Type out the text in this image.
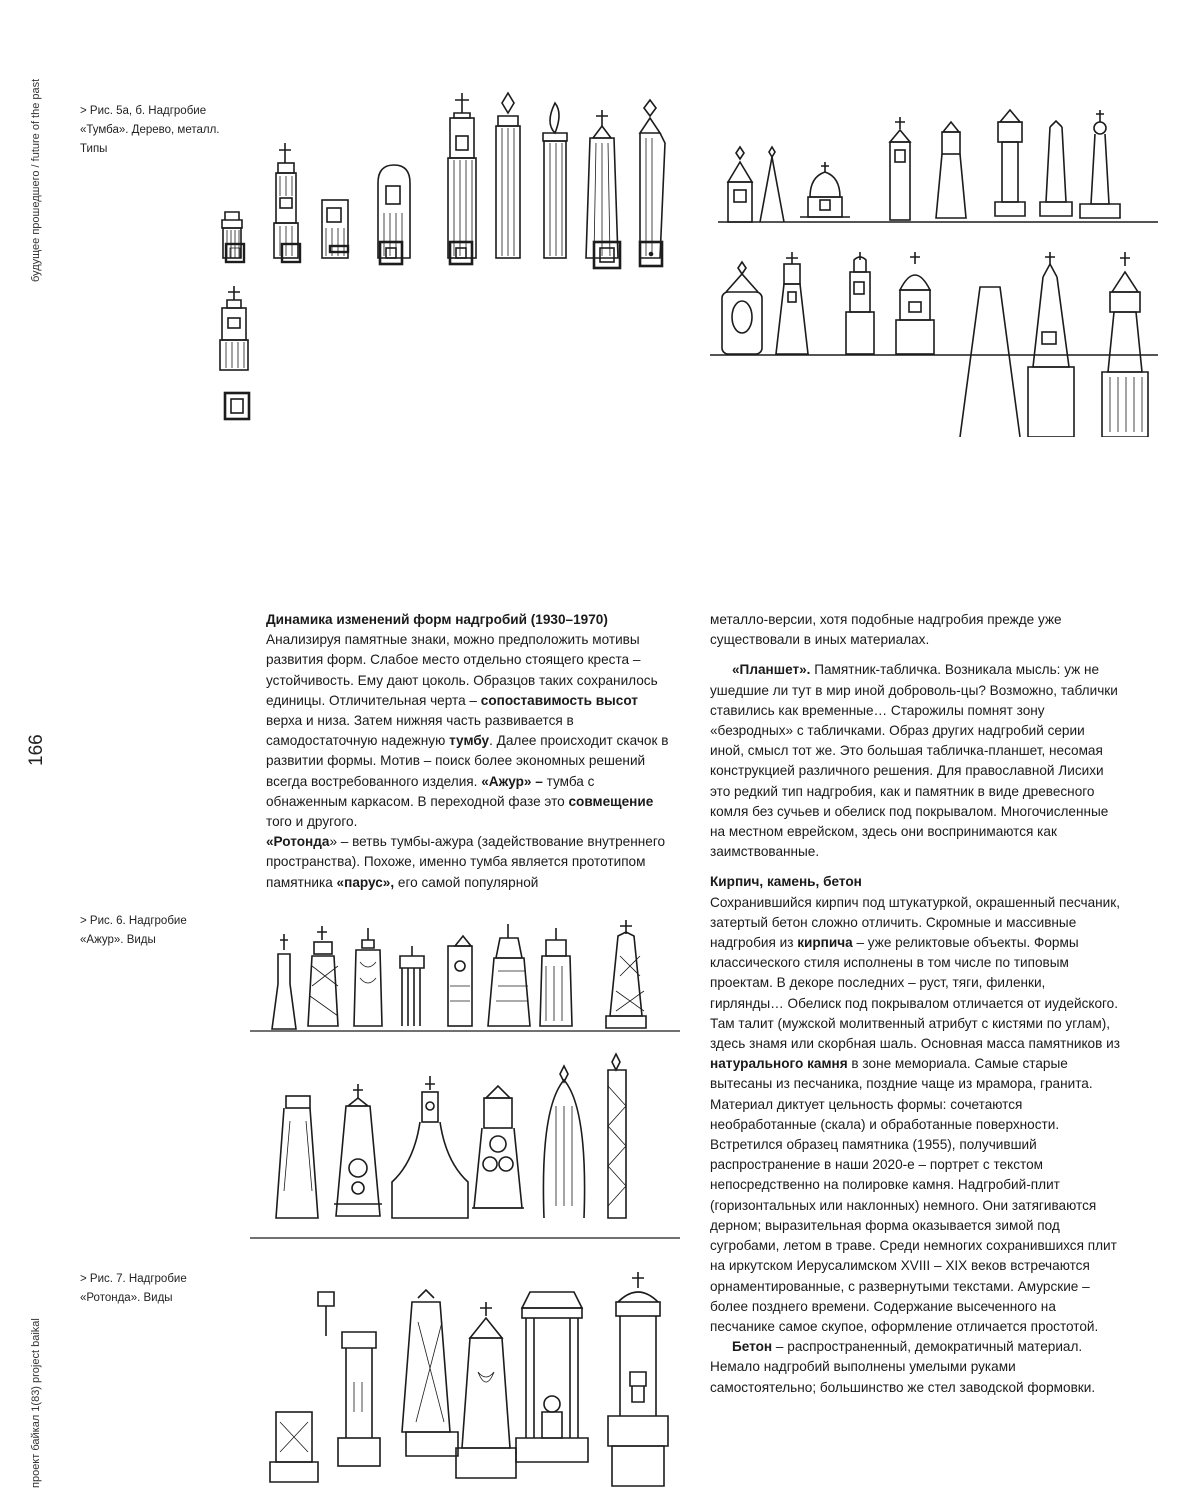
будущее прошедшего / future of the past
166
проект байкал 1(83) project baikal
> Рис. 5а, б. Надгробие «Тумба». Дерево, металл. Типы
> Рис. 6. Надгробие «Ажур». Виды
> Рис. 7. Надгробие «Ротонда». Виды

Динамика изменений форм надгробий (1930–1970)

Анализируя памятные знаки, можно предположить мотивы развития форм. Слабое место отдельно стоящего креста – устойчивость. Ему дают цоколь. Образцов таких сохранилось единицы. Отличительная черта – сопоставимость высот верха и низа. Затем нижняя часть развивается в самодостаточную надежную тумбу. Далее происходит скачок в развитии формы. Мотив – поиск более экономных решений всегда востребованного изделия. «Ажур» – тумба с обнаженным каркасом. В переходной фазе это совмещение того и другого.

«Ротонда» – ветвь тумбы-ажура (задействование внутреннего пространства). Похоже, именно тумба является прототипом памятника «парус», его самой популярной

металло-версии, хотя подобные надгробия прежде уже существовали в иных материалах.

«Планшет». Памятник-табличка. Возникала мысль: уж не ушедшие ли тут в мир иной доброволь-цы? Возможно, таблички ставились как временные… Старожилы помнят зону «безродных» с табличками. Образ других надгробий серии иной, смысл тот же. Это большая табличка-планшет, несомая конструкцией различного решения. Для православной Лисихи это редкий тип надгробия, как и памятник в виде древесного комля без сучьев и обелиск под покрывалом. Многочисленные на местном еврейском, здесь они воспринимаются как заимствованные.

Кирпич, камень, бетон

Сохранившийся кирпич под штукатуркой, окрашенный песчаник, затертый бетон сложно отличить. Скромные и массивные надгробия из кирпича – уже реликтовые объекты. Формы классического стиля исполнены в том числе по типовым проектам. В декоре последних – руст, тяги, филенки, гирлянды… Обелиск под покрывалом отличается от иудейского. Там талит (мужской молитвенный атрибут с кистями по углам), здесь знамя или скорбная шаль. Основная масса памятников из натурального камня в зоне мемориала. Самые старые вытесаны из песчаника, поздние чаще из мрамора, гранита. Материал диктует цельность формы: сочетаются необработанные (скала) и обработанные поверхности. Встретился образец памятника (1955), получивший распространение в наши 2020-е – портрет с текстом непосредственно на полировке камня. Надгробий-плит (горизонтальных или наклонных) немного. Они затягиваются дерном; выразительная форма оказывается зимой под сугробами, летом в траве. Среди немногих сохранившихся плит на иркутском Иерусалимском XVIII – XIX веков встречаются орнаментированные, с развернутыми текстами. Амурские – более позднего времени. Содержание высеченного на песчанике самое скупое, оформление отличается простотой.

Бетон – распространенный, демократичный материал. Немало надгробий выполнены умелыми руками самостоятельно; большинство же стел заводской формовки.
